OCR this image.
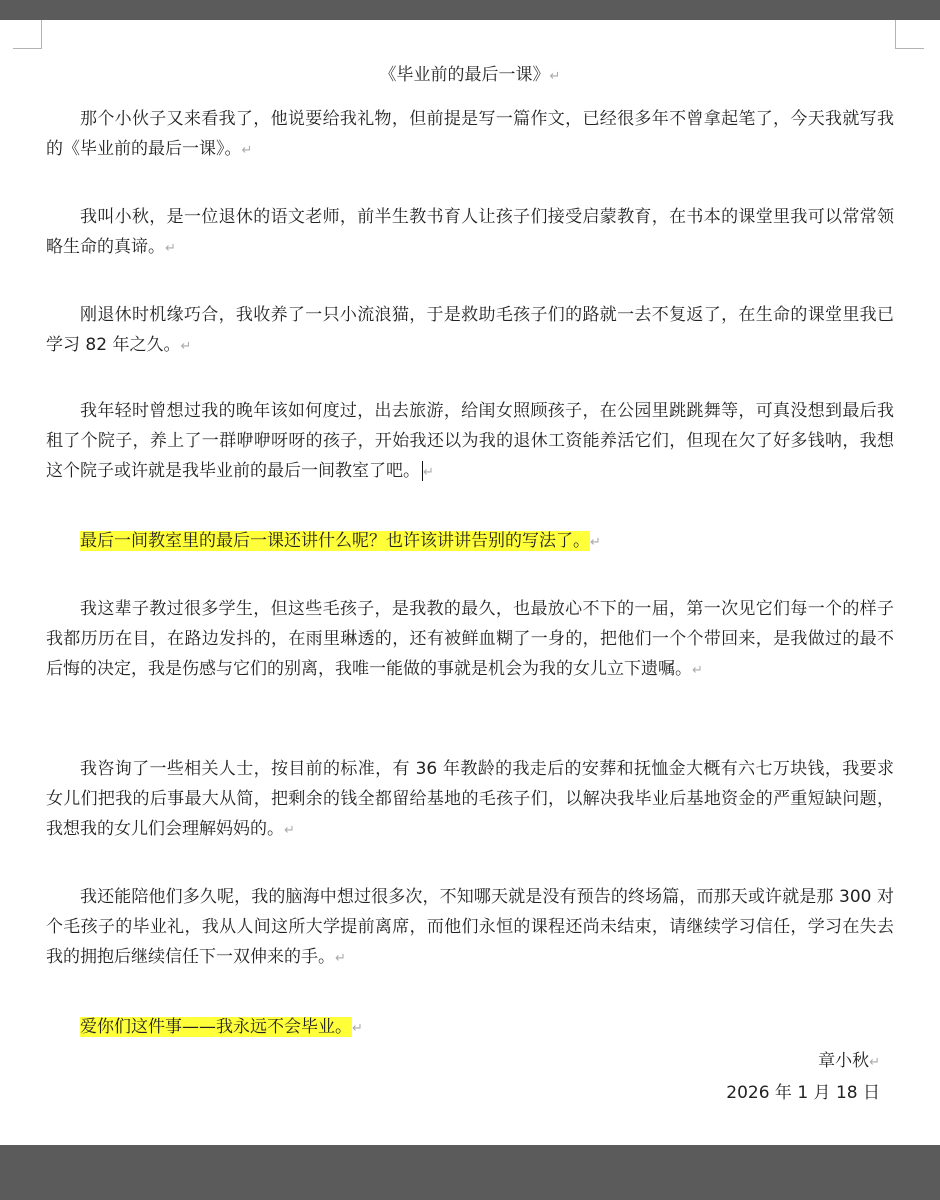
《毕业前的最后一课》↵

那个小伙子又来看我了，他说要给我礼物，但前提是写一篇作文，已经很多年不曾拿起笔了，今天我就写我的《毕业前的最后一课》。↵

我叫小秋，是一位退休的语文老师，前半生教书育人让孩子们接受启蒙教育，在书本的课堂里我可以常常领略生命的真谛。↵

刚退休时机缘巧合，我收养了一只小流浪猫，于是救助毛孩子们的路就一去不复返了，在生命的课堂里我已学习 82 年之久。↵

我年轻时曾想过我的晚年该如何度过，出去旅游，给闺女照顾孩子，在公园里跳跳舞等，可真没想到最后我租了个院子，养上了一群咿咿呀呀的孩子，开始我还以为我的退休工资能养活它们，但现在欠了好多钱呐，我想这个院子或许就是我毕业前的最后一间教室了吧。 ↵

最后一间教室里的最后一课还讲什么呢？也许该讲讲告别的写法了。↵

我这辈子教过很多学生，但这些毛孩子，是我教的最久，也最放心不下的一届，第一次见它们每一个的样子我都历历在目，在路边发抖的，在雨里琳透的，还有被鲜血糊了一身的，把他们一个个带回来，是我做过的最不后悔的决定，我是伤感与它们的别离，我唯一能做的事就是机会为我的女儿立下遗嘱。↵

我咨询了一些相关人士，按目前的标准，有 36 年教龄的我走后的安葬和抚恤金大概有六七万块钱，我要求女儿们把我的后事最大从简，把剩余的钱全都留给基地的毛孩子们，以解决我毕业后基地资金的严重短缺问题，我想我的女儿们会理解妈妈的。↵

我还能陪他们多久呢，我的脑海中想过很多次，不知哪天就是没有预告的终场篇，而那天或许就是那 300 对个毛孩子的毕业礼，我从人间这所大学提前离席，而他们永恒的课程还尚未结束，请继续学习信任，学习在失去我的拥抱后继续信任下一双伸来的手。↵

爱你们这件事——我永远不会毕业。↵

章小秋↵
2026 年 1 月 18 日
